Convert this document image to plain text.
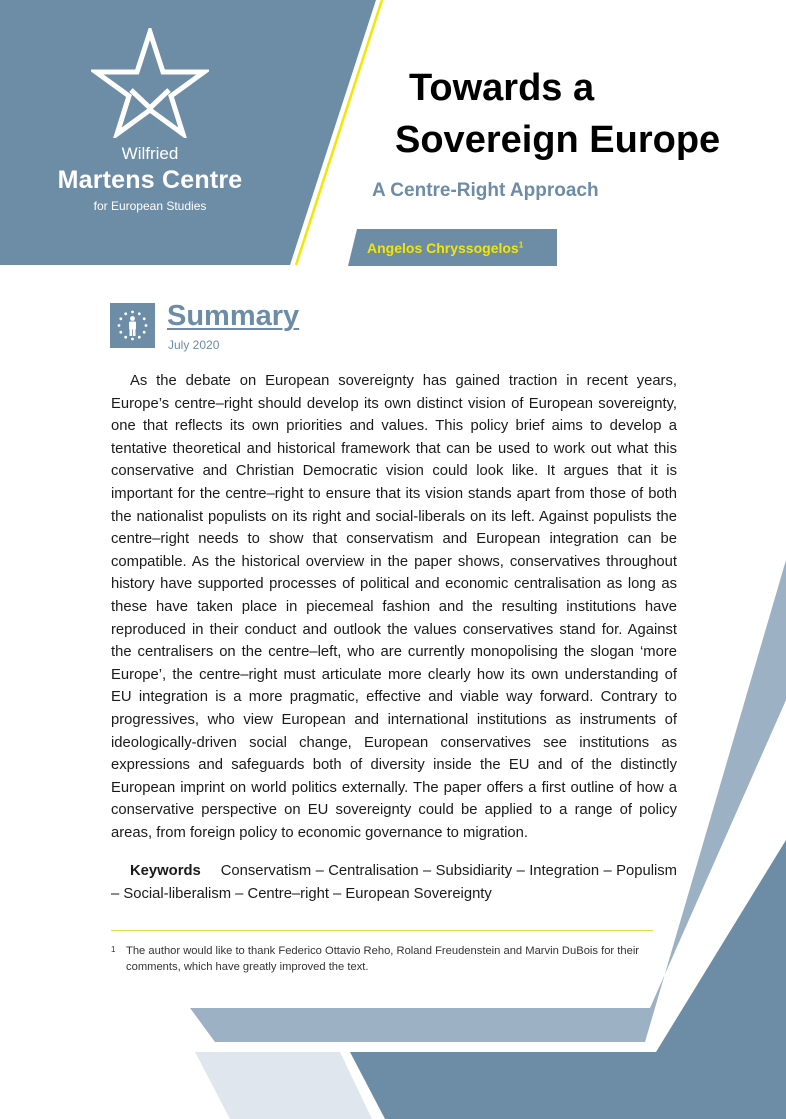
Wilfried
Martens Centre
for European Studies
Towards a
Sovereign Europe
A Centre-Right Approach
Angelos Chryssogelos$^1$
Summary
July 2020

As the debate on European sovereignty has gained traction in recent years, Europe’s centre–right should develop its own distinct vision of European sovereignty, one that reflects its own priorities and values. This policy brief aims to develop a tentative theoretical and historical framework that can be used to work out what this conservative and Christian Democratic vision could look like. It argues that it is important for the centre–right to ensure that its vision stands apart from those of both the nationalist populists on its right and social-liberals on its left. Against populists the centre–right needs to show that conservatism and European integration can be compatible. As the historical overview in the paper shows, conservatives throughout history have supported processes of political and economic centralisation as long as these have taken place in piecemeal fashion and the resulting institutions have reproduced in their conduct and outlook the values conservatives stand for. Against the centralisers on the centre–left, who are currently monopolising the slogan ‘more Europe’, the centre–right must articulate more clearly how its own understanding of EU integration is a more pragmatic, effective and viable way forward. Contrary to progressives, who view European and international institutions as instruments of ideologically-driven social change, European conservatives see institutions as expressions and safeguards both of diversity inside the EU and of the distinctly European imprint on world politics externally. The paper offers a first outline of how a conservative perspective on EU sovereignty could be applied to a range of policy areas, from foreign policy to economic governance to migration.

Keywords Conservatism – Centralisation – Subsidiarity – Integration – Populism – Social-liberalism – Centre–right – European Sovereignty

1 The author would like to thank Federico Ottavio Reho, Roland Freudenstein and Marvin DuBois for their comments, which have greatly improved the text.
